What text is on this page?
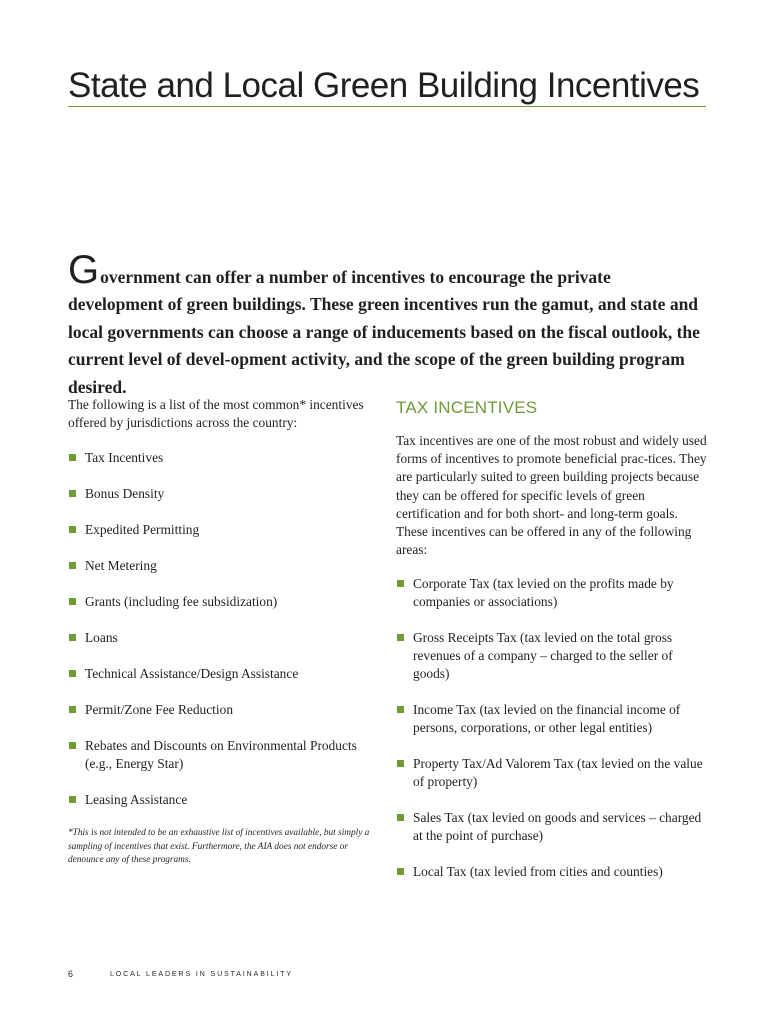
State and Local Green Building Incentives

Government can offer a number of incentives to encourage the private development of green buildings. These green incentives run the gamut, and state and local governments can choose a range of inducements based on the fiscal outlook, the current level of devel-opment activity, and the scope of the green building program desired.

The following is a list of the most common* incentives offered by jurisdictions across the country:

Tax Incentives
Bonus Density
Expedited Permitting
Net Metering
Grants (including fee subsidization)
Loans
Technical Assistance/Design Assistance
Permit/Zone Fee Reduction
Rebates and Discounts on Environmental Products (e.g., Energy Star)
Leasing Assistance

*This is not intended to be an exhaustive list of incentives available, but simply a sampling of incentives that exist. Furthermore, the AIA does not endorse or denounce any of these programs.

TAX INCENTIVES

Tax incentives are one of the most robust and widely used forms of incentives to promote beneficial prac-tices. They are particularly suited to green building projects because they can be offered for specific levels of green certification and for both short- and long-term goals. These incentives can be offered in any of the following areas:

Corporate Tax (tax levied on the profits made by companies or associations)
Gross Receipts Tax (tax levied on the total gross revenues of a company – charged to the seller of goods)
Income Tax (tax levied on the financial income of persons, corporations, or other legal entities)
Property Tax/Ad Valorem Tax (tax levied on the value of property)
Sales Tax (tax levied on goods and services – charged at the point of purchase)
Local Tax (tax levied from cities and counties)
6	LOCAL LEADERS IN SUSTAINABILITY
